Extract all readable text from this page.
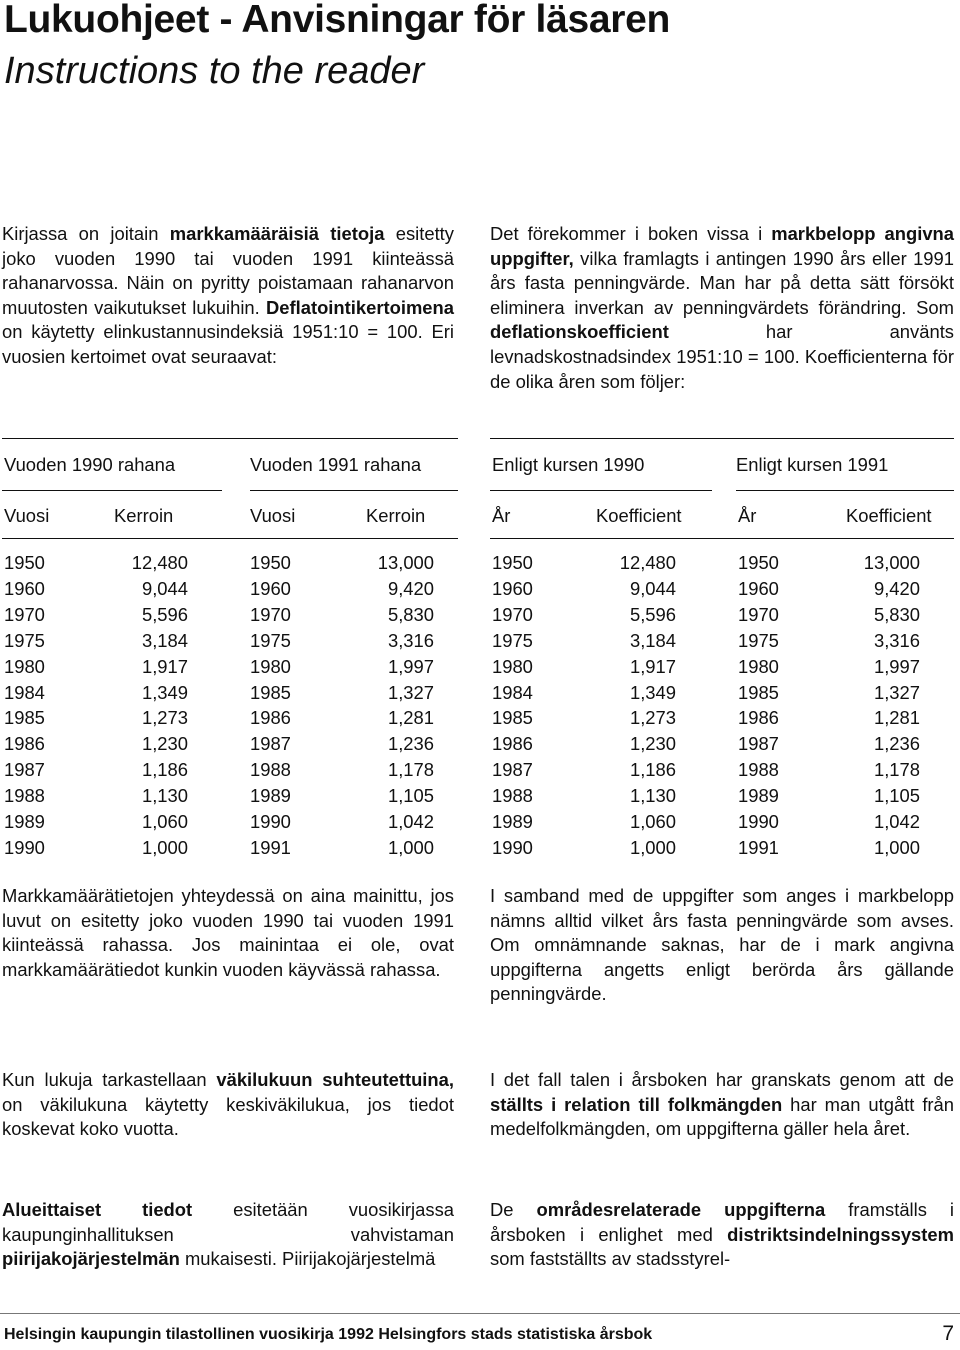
Lukuohjeet - Anvisningar för läsaren
Instructions to the reader

Kirjassa on joitain markkamääräisiä tietoja esitetty joko vuoden 1990 tai vuoden 1991 kiinteässä rahanarvossa. Näin on pyritty poistamaan rahanarvon muutosten vaikutukset lukuihin. Deflatointikertoimena on käytetty elinkustannusindeksiä 1951:10 = 100. Eri vuosien kertoimet ovat seuraavat:

Vuoden 1990 rahana	Vuoden 1991 rahana
Vuosi	Kerroin	Vuosi	Kerroin
1950	12,480	1950	13,000
1960	9,044	1960	9,420
1970	5,596	1970	5,830
1975	3,184	1975	3,316
1980	1,917	1980	1,997
1984	1,349	1985	1,327
1985	1,273	1986	1,281
1986	1,230	1987	1,236
1987	1,186	1988	1,178
1988	1,130	1989	1,105
1989	1,060	1990	1,042
1990	1,000	1991	1,000

Markkamäärätietojen yhteydessä on aina mainittu, jos luvut on esitetty joko vuoden 1990 tai vuoden 1991 kiinteässä rahassa. Jos mainintaa ei ole, ovat markkamäärätiedot kunkin vuoden käyvässä rahassa.

Kun lukuja tarkastellaan väkilukuun suhteutettuina, on väkilukuna käytetty keskiväkilukua, jos tiedot koskevat koko vuotta.

Alueittaiset tiedot esitetään vuosikirjassa kaupunginhallituksen vahvistaman piirijakojärjestelmän mukaisesti. Piirijakojärjestelmä

Det förekommer i boken vissa i markbelopp angivna uppgifter, vilka framlagts i antingen 1990 års eller 1991 års fasta penningvärde. Man har på detta sätt försökt eliminera inverkan av penningvärdets förändring. Som deflationskoefficient har använts levnadskostnadsindex 1951:10 = 100. Koefficienterna för de olika åren som följer:

Enligt kursen 1990	Enligt kursen 1991
År	Koefficient	År	Koefficient
1950	12,480	1950	13,000
1960	9,044	1960	9,420
1970	5,596	1970	5,830
1975	3,184	1975	3,316
1980	1,917	1980	1,997
1984	1,349	1985	1,327
1985	1,273	1986	1,281
1986	1,230	1987	1,236
1987	1,186	1988	1,178
1988	1,130	1989	1,105
1989	1,060	1990	1,042
1990	1,000	1991	1,000

I samband med de uppgifter som anges i markbelopp nämns alltid vilket års fasta penningvärde som avses. Om omnämnande saknas, har de i mark angivna uppgifterna angetts enligt berörda års gällande penningvärde.

I det fall talen i årsboken har granskats genom att de ställts i relation till folkmängden har man utgått från medelfolkmängden, om uppgifterna gäller hela året.

De områdesrelaterade uppgifterna framställs i årsboken i enlighet med distriktsindelningssystem som fastställts av stadsstyrel-

Helsingin kaupungin tilastollinen vuosikirja 1992 Helsingfors stads statistiska årsbok	7
